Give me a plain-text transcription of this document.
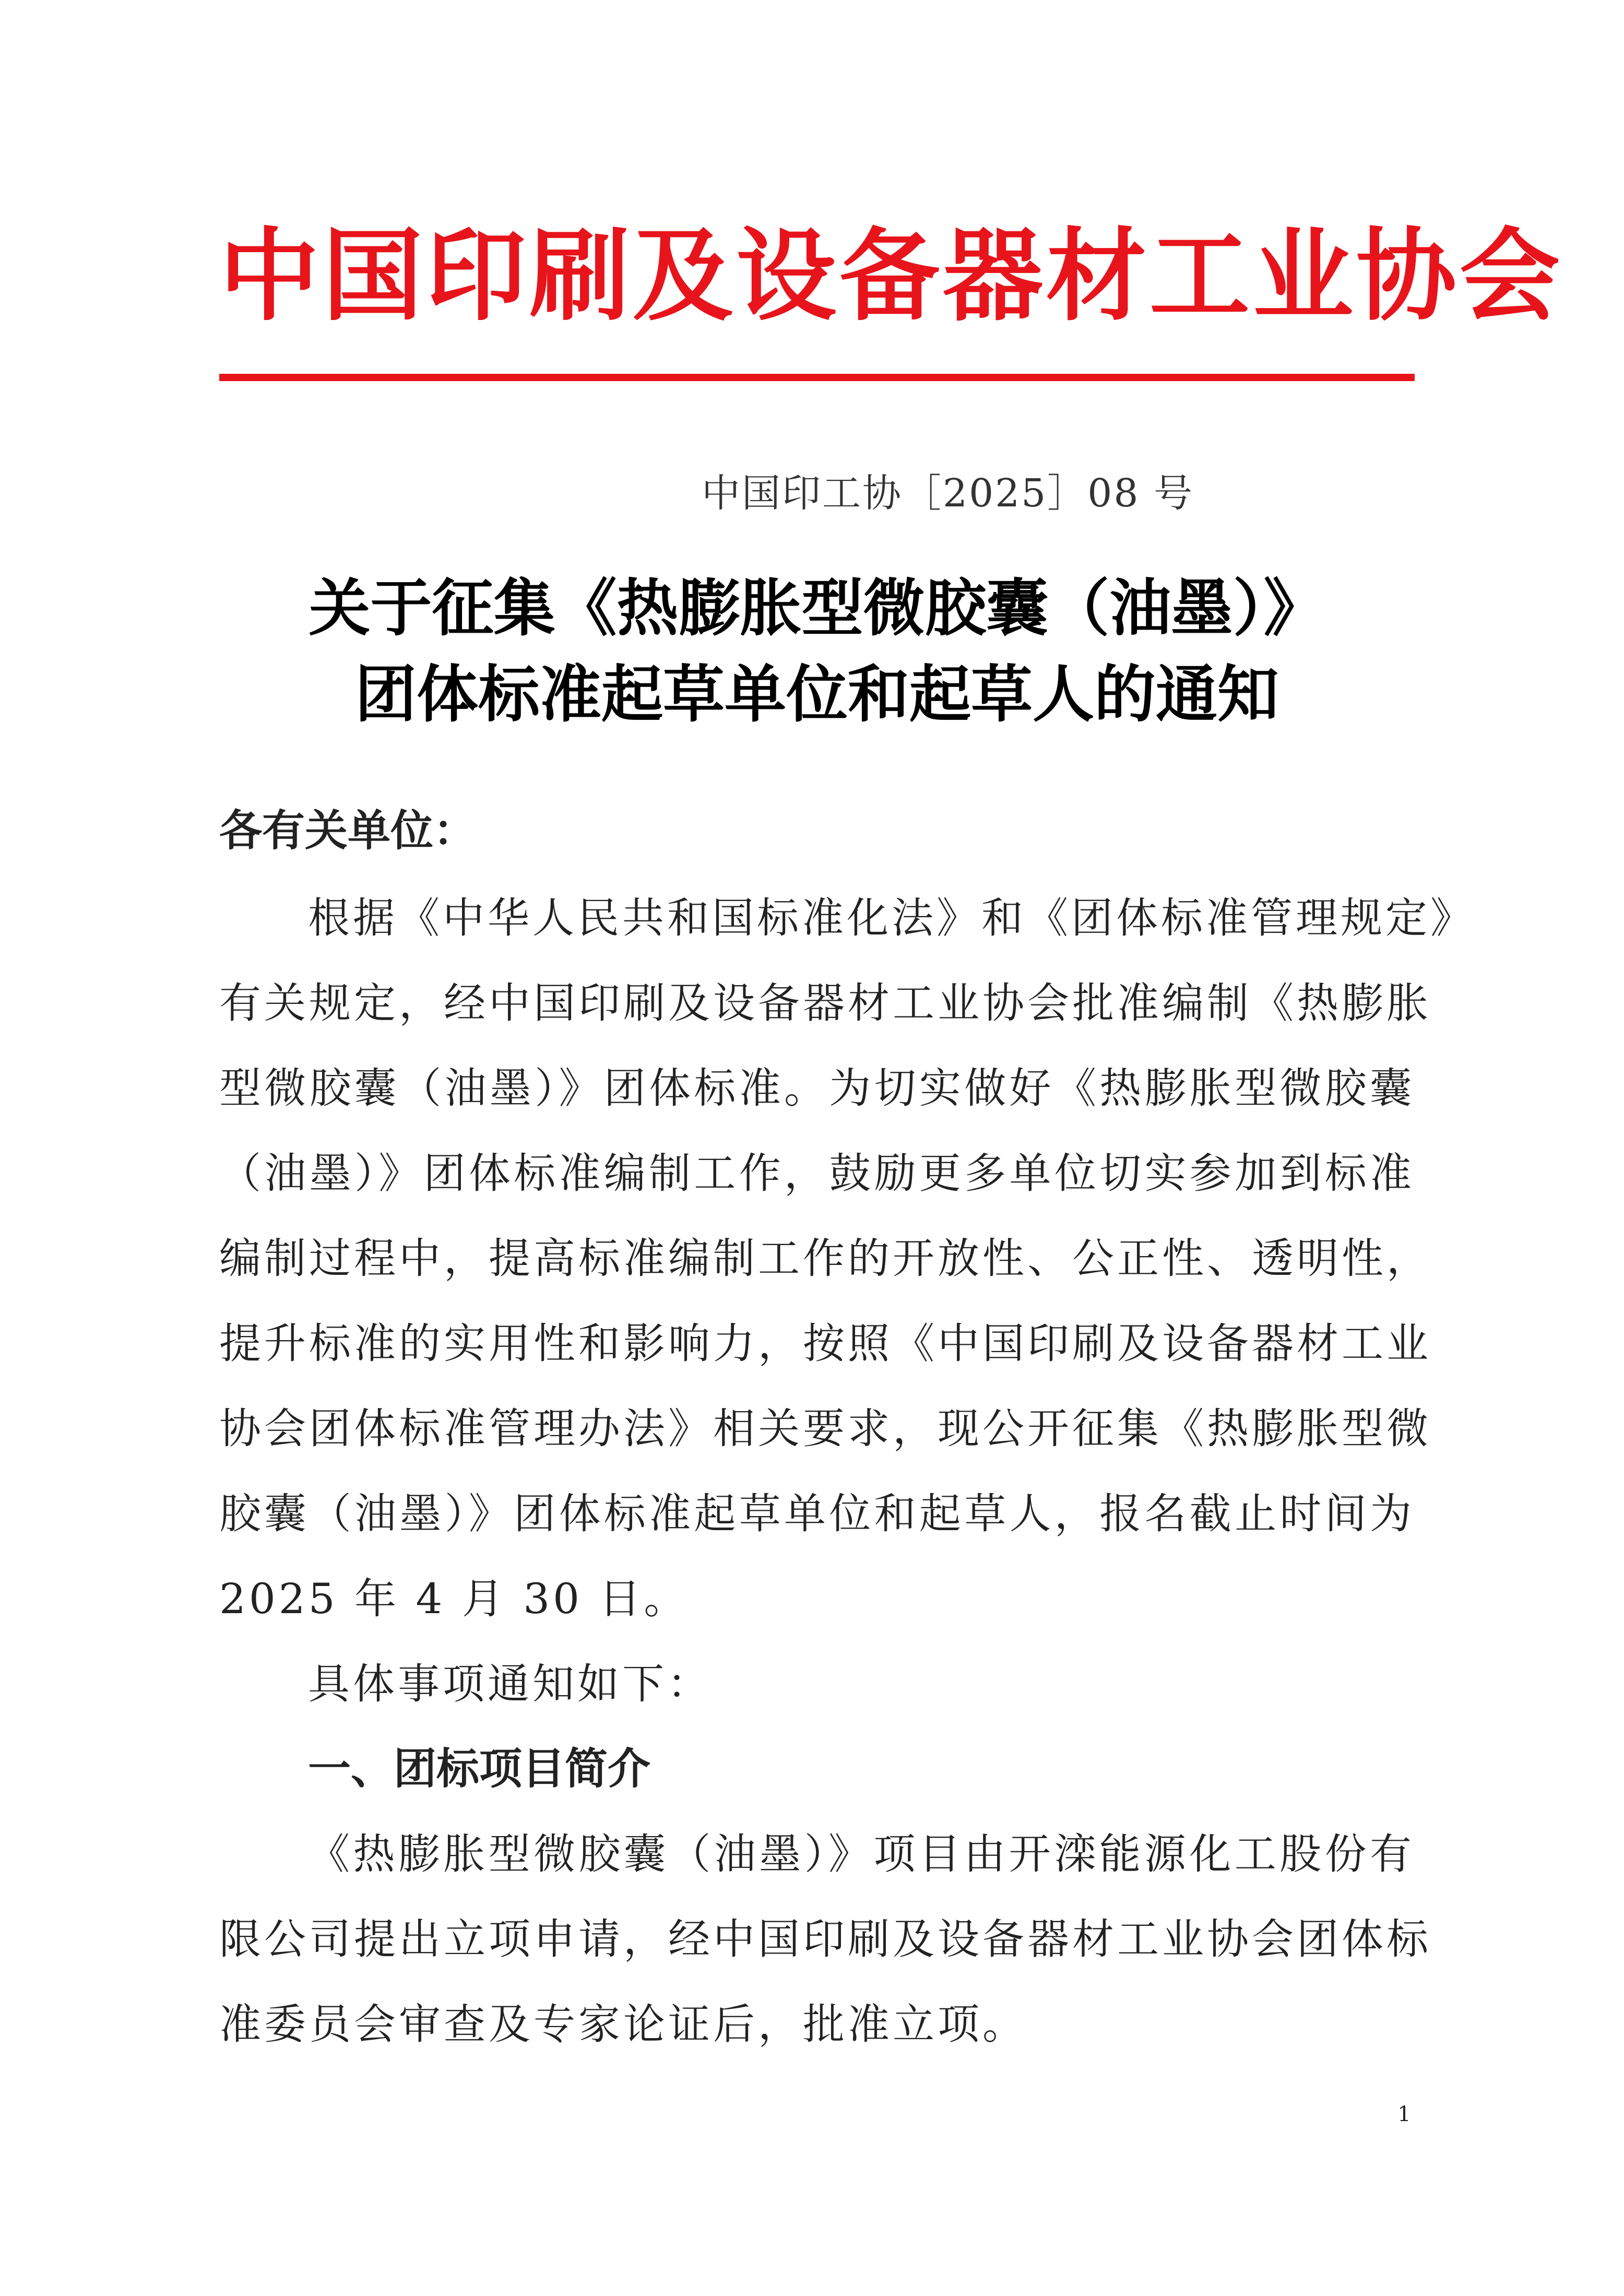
中国印刷及设备器材工业协会
中国印工协［2025］08 号
关于征集《热膨胀型微胶囊（油墨）》
团体标准起草单位和起草人的通知
各有关单位：
根据《中华人民共和国标准化法》和《团体标准管理规定》
有关规定，经中国印刷及设备器材工业协会批准编制《热膨胀
型微胶囊（油墨）》团体标准。为切实做好《热膨胀型微胶囊
（油墨）》团体标准编制工作，鼓励更多单位切实参加到标准
编制过程中，提高标准编制工作的开放性、公正性、透明性，
提升标准的实用性和影响力，按照《中国印刷及设备器材工业
协会团体标准管理办法》相关要求，现公开征集《热膨胀型微
胶囊（油墨）》团体标准起草单位和起草人，报名截止时间为
2025 年 4 月 30 日。
具体事项通知如下：
一、团标项目简介
《热膨胀型微胶囊（油墨）》项目由开滦能源化工股份有
限公司提出立项申请，经中国印刷及设备器材工业协会团体标
准委员会审查及专家论证后，批准立项。
1
